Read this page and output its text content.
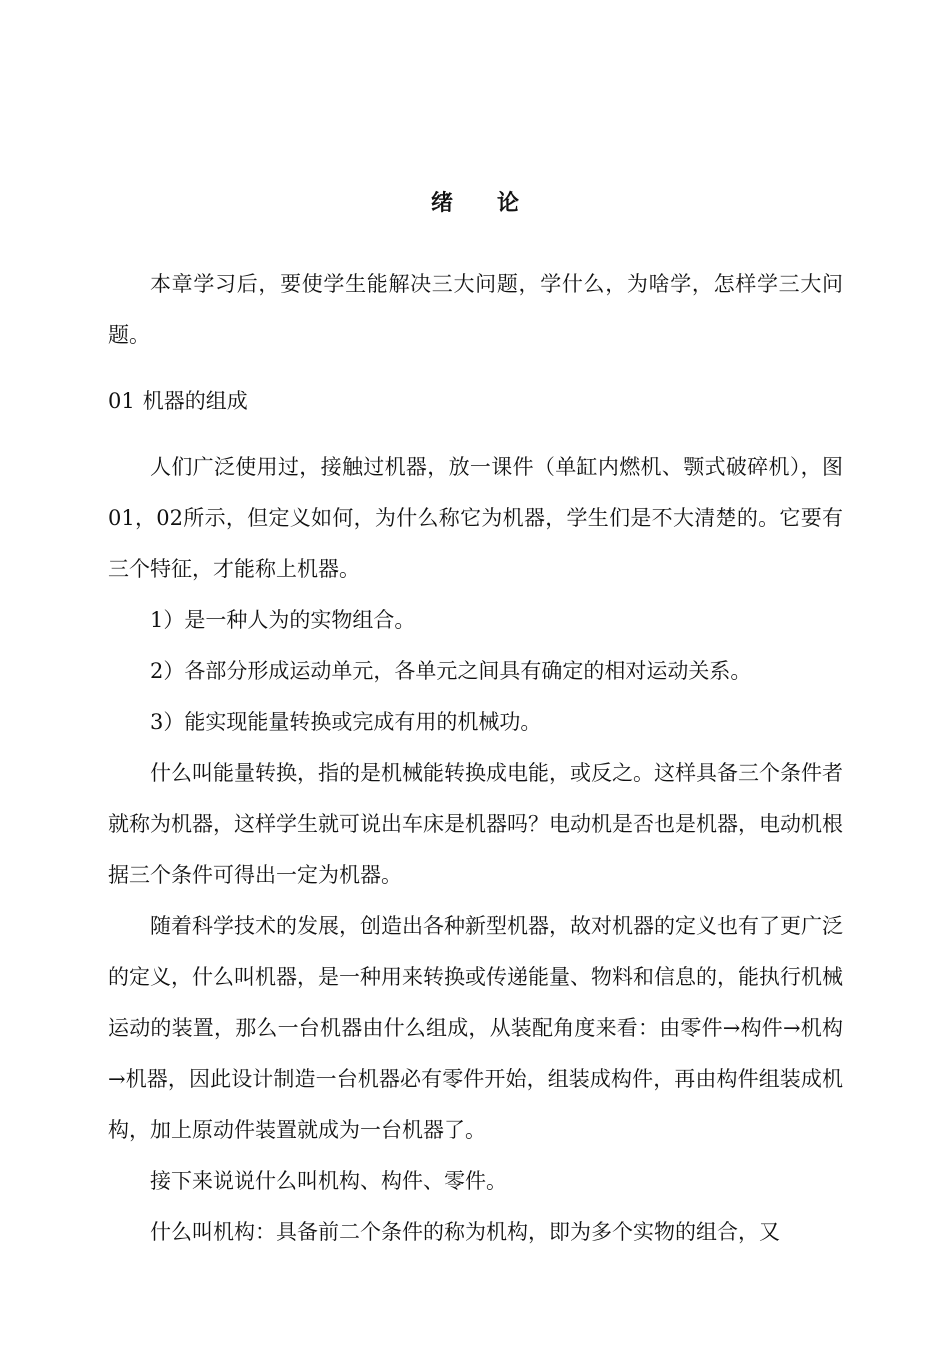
绪论

本章学习后，要使学生能解决三大问题，学什么，为啥学，怎样学三大问题。

01 机器的组成

人们广泛使用过，接触过机器，放一课件（单缸内燃机、颚式破碎机），图01，02所示，但定义如何，为什么称它为机器，学生们是不大清楚的。它要有三个特征，才能称上机器。

1）是一种人为的实物组合。

2）各部分形成运动单元，各单元之间具有确定的相对运动关系。

3）能实现能量转换或完成有用的机械功。

什么叫能量转换，指的是机械能转换成电能，或反之。这样具备三个条件者就称为机器，这样学生就可说出车床是机器吗？电动机是否也是机器，电动机根据三个条件可得出一定为机器。

随着科学技术的发展，创造出各种新型机器，故对机器的定义也有了更广泛的定义，什么叫机器，是一种用来转换或传递能量、物料和信息的，能执行机械运动的装置，那么一台机器由什么组成，从装配角度来看：由零件→构件→机构→机器，因此设计制造一台机器必有零件开始，组装成构件，再由构件组装成机构，加上原动件装置就成为一台机器了。

接下来说说什么叫机构、构件、零件。

什么叫机构：具备前二个条件的称为机构，即为多个实物的组合，又
